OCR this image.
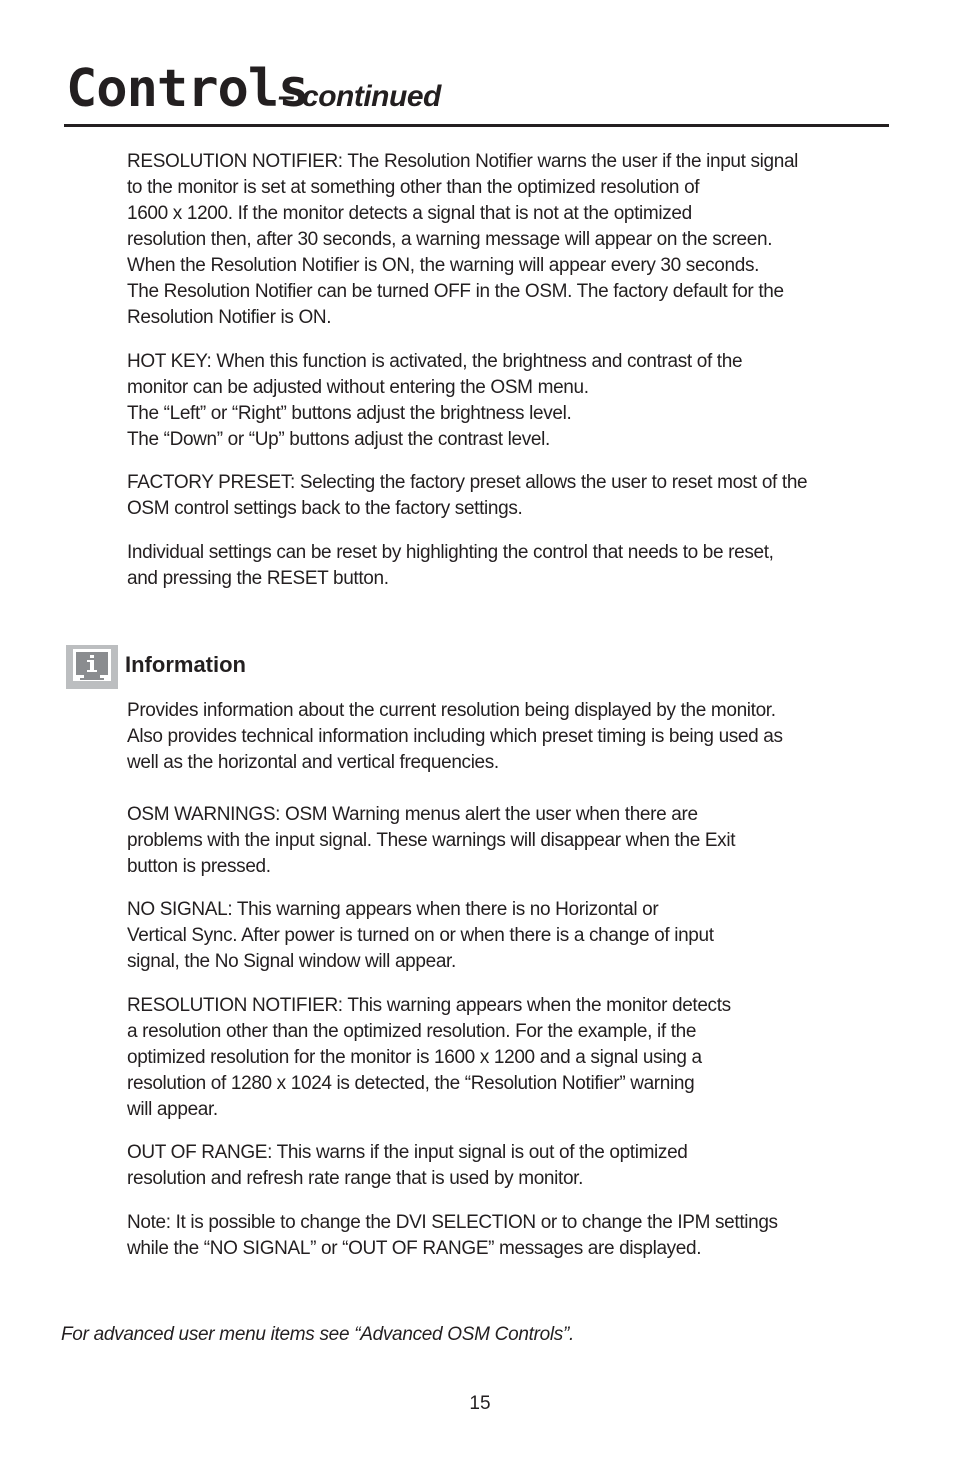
Controls
– continued

RESOLUTION NOTIFIER: The Resolution Notifier warns the user if the input signal
to the monitor is set at something other than the optimized resolution of
1600 x 1200. If the monitor detects a signal that is not at the optimized
resolution then, after 30 seconds, a warning message will appear on the screen.
When the Resolution Notifier is ON, the warning will appear every 30 seconds.
The Resolution Notifier can be turned OFF in the OSM. The factory default for the
Resolution Notifier is ON.

HOT KEY: When this function is activated, the brightness and contrast of the
monitor can be adjusted without entering the OSM menu.
The “Left” or “Right” buttons adjust the brightness level.
The “Down” or “Up” buttons adjust the contrast level.

FACTORY PRESET: Selecting the factory preset allows the user to reset most of the
OSM control settings back to the factory settings.

Individual settings can be reset by highlighting the control that needs to be reset,
and pressing the RESET button.

Information

Provides information about the current resolution being displayed by the monitor.
Also provides technical information including which preset timing is being used as
well as the horizontal and vertical frequencies.

OSM WARNINGS: OSM Warning menus alert the user when there are
problems with the input signal. These warnings will disappear when the Exit
button is pressed.

NO SIGNAL: This warning appears when there is no Horizontal or
Vertical Sync. After power is turned on or when there is a change of input
signal, the No Signal window will appear.

RESOLUTION NOTIFIER: This warning appears when the monitor detects
a resolution other than the optimized resolution. For the example, if the
optimized resolution for the monitor is 1600 x 1200 and a signal using a
resolution of 1280 x 1024 is detected, the “Resolution Notifier” warning
will appear.

OUT OF RANGE: This warns if the input signal is out of the optimized
resolution and refresh rate range that is used by monitor.

Note: It is possible to change the DVI SELECTION or to change the IPM settings
while the “NO SIGNAL” or “OUT OF RANGE” messages are displayed.

For advanced user menu items see “Advanced OSM Controls”.

15
